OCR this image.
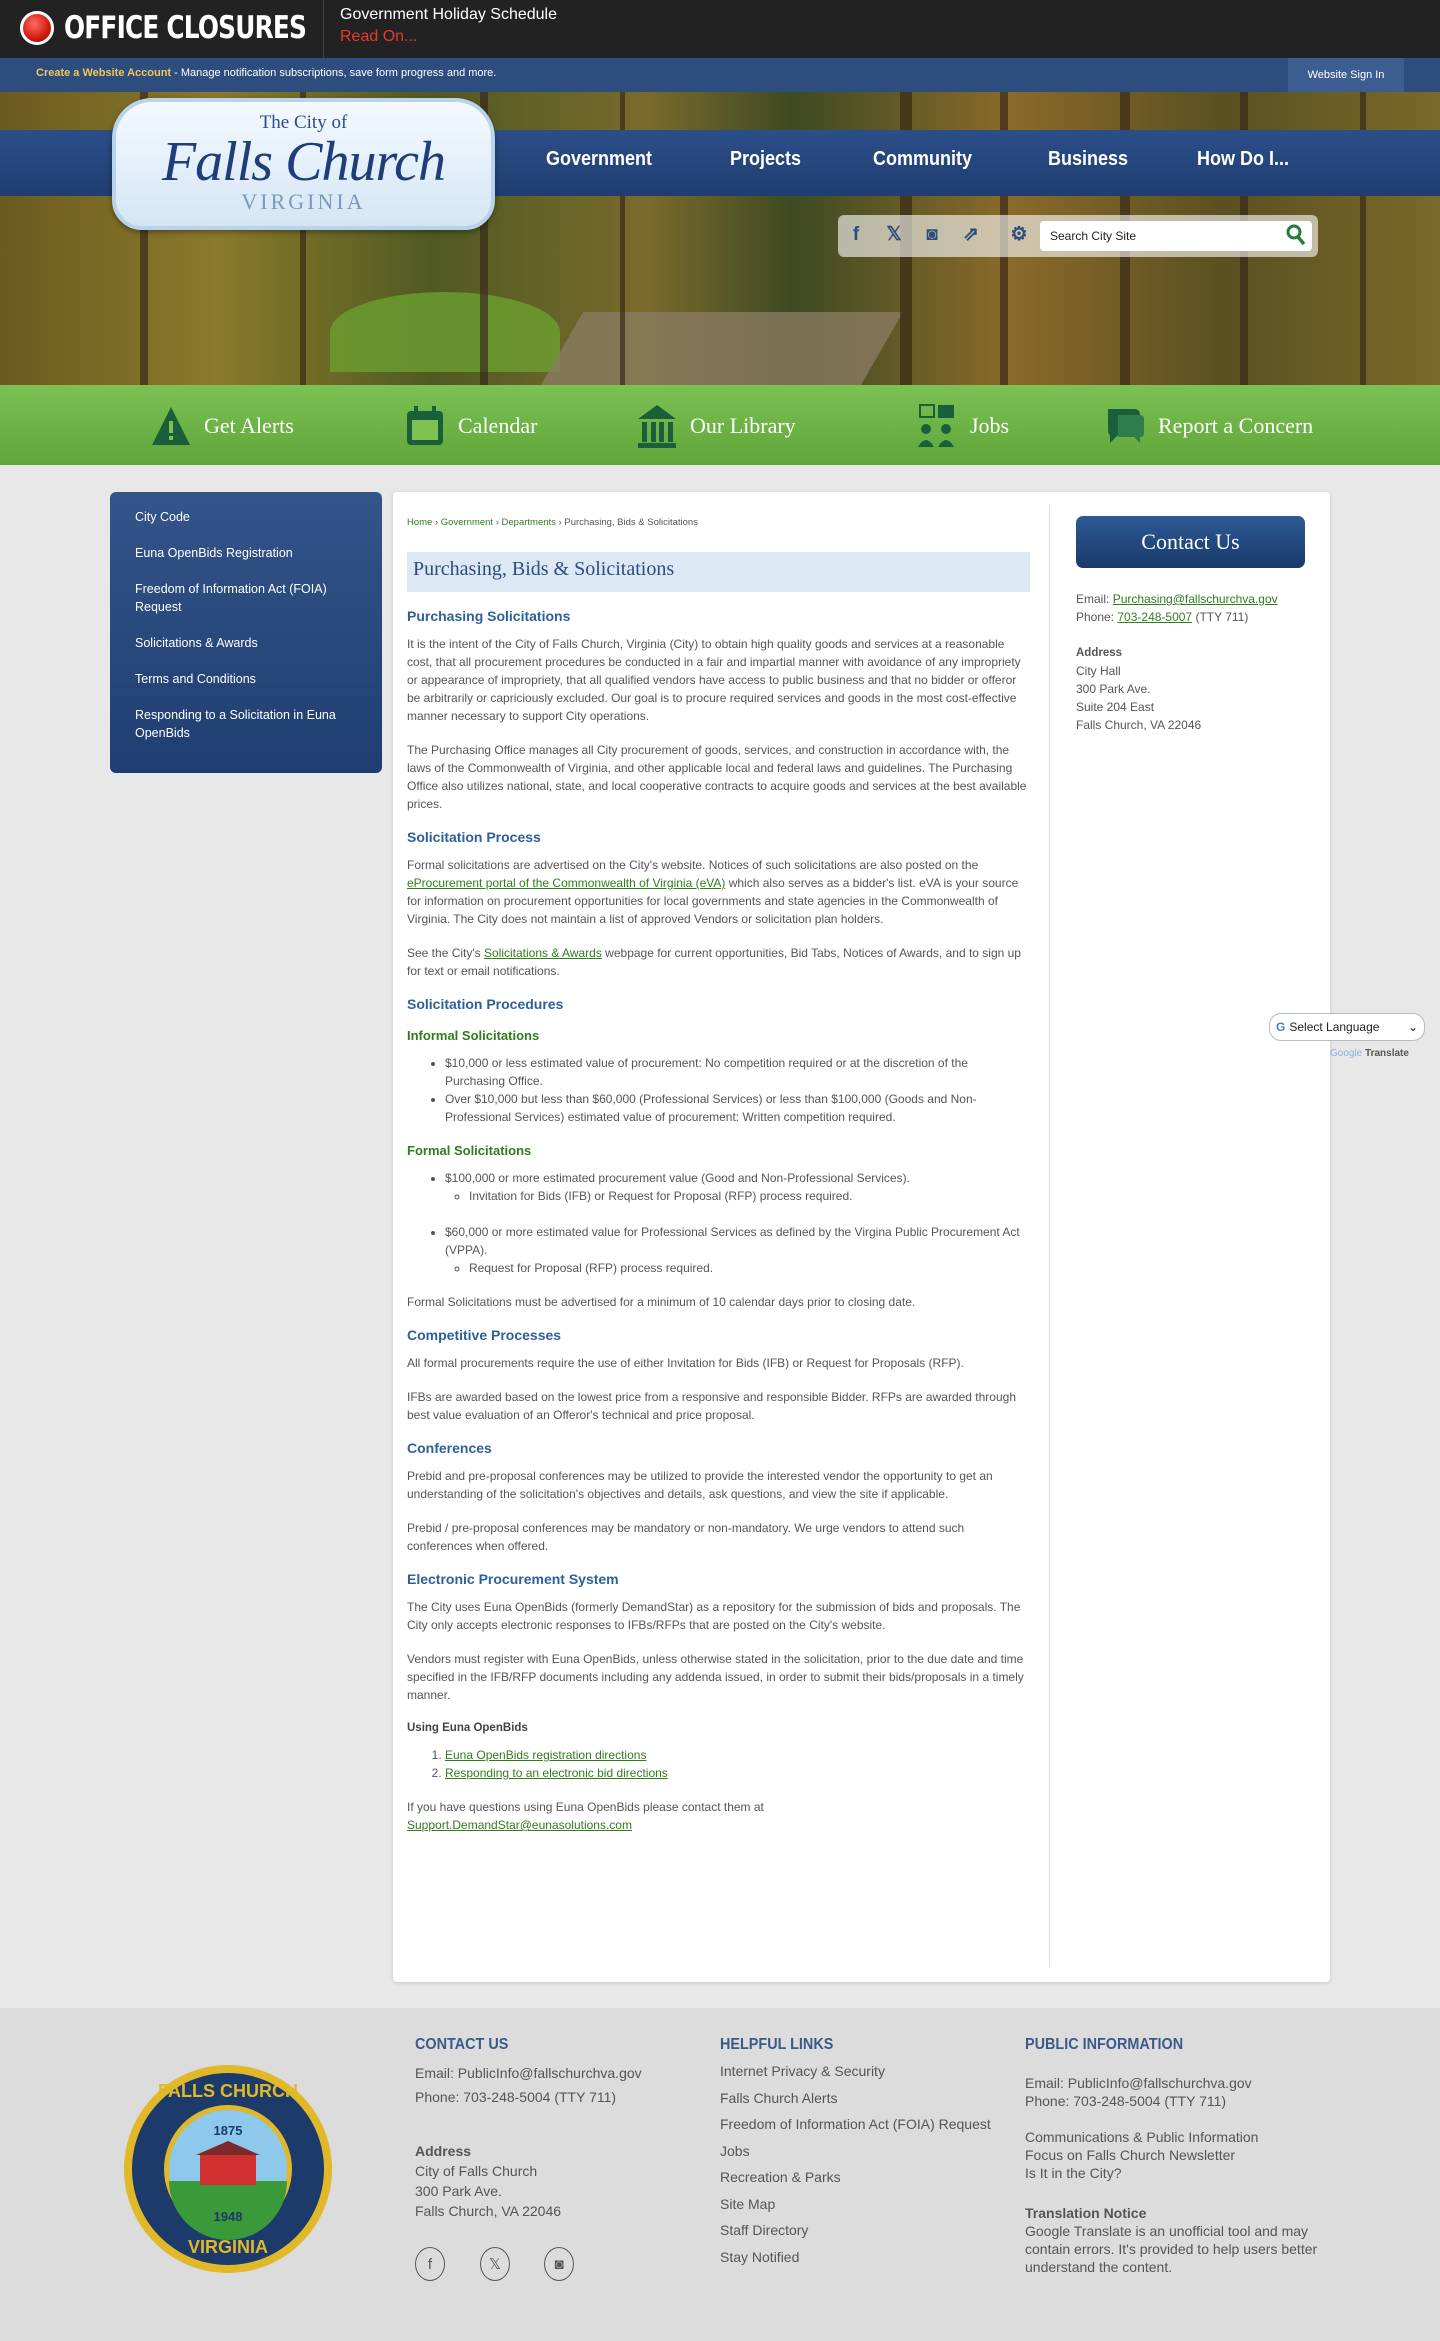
OFFICE CLOSURES Government Holiday Schedule
Read On...
Create a Website Account - Manage notification subscriptions, save form progress and more.	Website Sign In
The City of
Falls Church
VIRGINIA
Government	Projects	Community	Business	How Do I...
f	𝕏	◙	⇗ ⚙	Search City Site
Get Alerts	Calendar	Our Library	Jobs	Report a Concern
City Code
Euna OpenBids Registration
Freedom of Information Act (FOIA) Request
Solicitations & Awards
Terms and Conditions
Responding to a Solicitation in Euna OpenBids
Home › Government › Departments › Purchasing, Bids & Solicitations
Purchasing, Bids & Solicitations
Purchasing Solicitations

It is the intent of the City of Falls Church, Virginia (City) to obtain high quality goods and services at a reasonable cost, that all procurement procedures be conducted in a fair and impartial manner with avoidance of any impropriety or appearance of impropriety, that all qualified vendors have access to public business and that no bidder or offeror be arbitrarily or capriciously excluded. Our goal is to procure required services and goods in the most cost-effective manner necessary to support City operations.

The Purchasing Office manages all City procurement of goods, services, and construction in accordance with, the laws of the Commonwealth of Virginia, and other applicable local and federal laws and guidelines. The Purchasing Office also utilizes national, state, and local cooperative contracts to acquire goods and services at the best available prices.

Solicitation Process

Formal solicitations are advertised on the City's website. Notices of such solicitations are also posted on the eProcurement portal of the Commonwealth of Virginia (eVA) which also serves as a bidder's list. eVA is your source for information on procurement opportunities for local governments and state agencies in the Commonwealth of Virginia. The City does not maintain a list of approved Vendors or solicitation plan holders.

See the City's Solicitations & Awards webpage for current opportunities, Bid Tabs, Notices of Awards, and to sign up for text or email notifications.

Solicitation Procedures
Informal Solicitations
• $10,000 or less estimated value of procurement: No competition required or at the discretion of the Purchasing Office.
• Over $10,000 but less than $60,000 (Professional Services) or less than $100,000 (Goods and Non-Professional Services) estimated value of procurement: Written competition required.
Formal Solicitations
• $100,000 or more estimated procurement value (Good and Non-Professional Services).
◦ Invitation for Bids (IFB) or Request for Proposal (RFP) process required.
• $60,000 or more estimated value for Professional Services as defined by the Virgina Public Procurement Act (VPPA).
◦ Request for Proposal (RFP) process required.

Formal Solicitations must be advertised for a minimum of 10 calendar days prior to closing date.

Competitive Processes

All formal procurements require the use of either Invitation for Bids (IFB) or Request for Proposals (RFP).

IFBs are awarded based on the lowest price from a responsive and responsible Bidder. RFPs are awarded through best value evaluation of an Offeror's technical and price proposal.

Conferences

Prebid and pre-proposal conferences may be utilized to provide the interested vendor the opportunity to get an understanding of the solicitation's objectives and details, ask questions, and view the site if applicable.

Prebid / pre-proposal conferences may be mandatory or non-mandatory. We urge vendors to attend such conferences when offered.

Electronic Procurement System

The City uses Euna OpenBids (formerly DemandStar) as a repository for the submission of bids and proposals. The City only accepts electronic responses to IFBs/RFPs that are posted on the City's website.

Vendors must register with Euna OpenBids, unless otherwise stated in the solicitation, prior to the due date and time specified in the IFB/RFP documents including any addenda issued, in order to submit their bids/proposals in a timely manner.

Using Euna OpenBids
1. Euna OpenBids registration directions
2. Responding to an electronic bid directions

If you have questions using Euna OpenBids please contact them at
Support.DemandStar@eunasolutions.com

Contact Us
Email: Purchasing@fallschurchva.gov
Phone: 703-248-5007 (TTY 711)
Address
City Hall
300 Park Ave.
Suite 204 East
Falls Church, VA 22046
G Select Language ⌄
Google Translate
FALLS CHURCH
VIRGINIA
1875
1948
CONTACT US
Email: PublicInfo@fallschurchva.gov
Phone: 703-248-5004 (TTY 711)
Address
City of Falls Church
300 Park Ave.
Falls Church, VA 22046
f	𝕏	◙
HELPFUL LINKS
Internet Privacy & Security
Falls Church Alerts
Freedom of Information Act (FOIA) Request
Jobs
Recreation & Parks
Site Map
Staff Directory
Stay Notified
PUBLIC INFORMATION
Email: PublicInfo@fallschurchva.gov
Phone: 703-248-5004 (TTY 711)
Communications & Public Information
Focus on Falls Church Newsletter
Is It in the City?
Translation Notice
Google Translate is an unofficial tool and may contain errors. It's provided to help users better understand the content.
